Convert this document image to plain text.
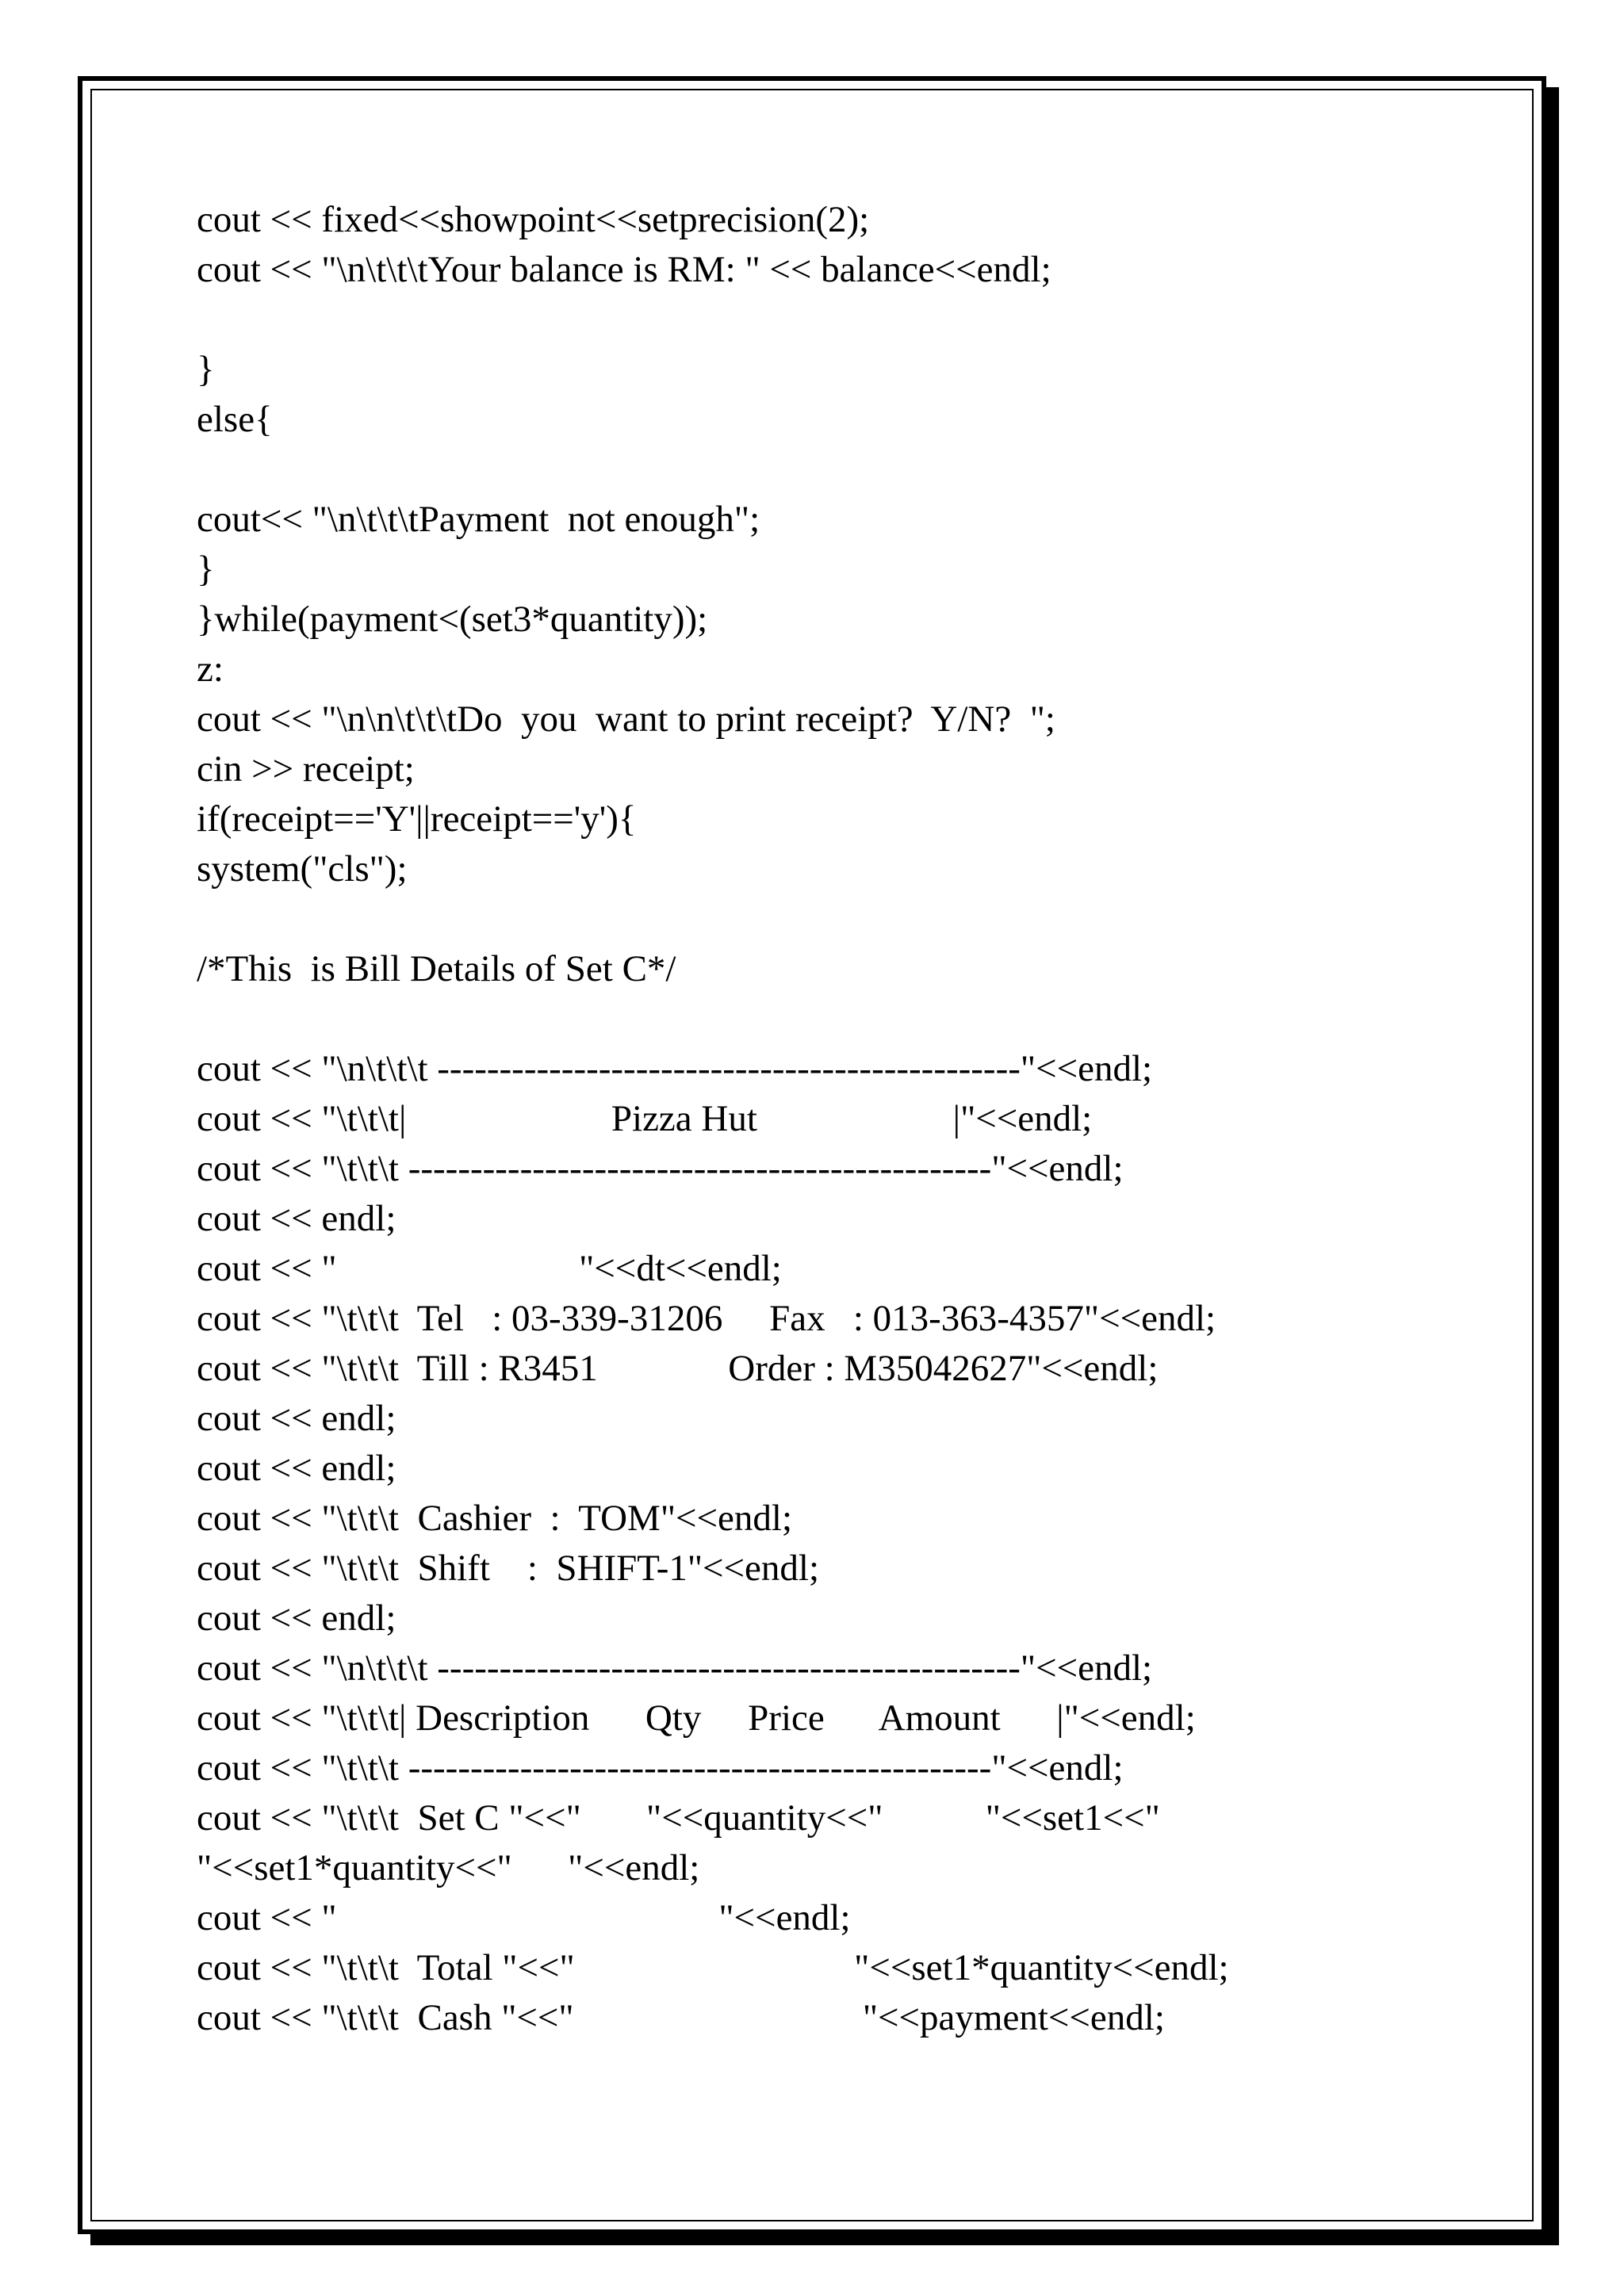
cout << fixed<<showpoint<<setprecision(2);

cout << "\n\t\t\tYour balance is RM: " << balance<<endl;

}

else{

cout<< "\n\t\t\tPayment  not enough";

}

}while(payment<(set3*quantity));

z:

cout << "\n\n\t\t\tDo  you  want to print receipt?  Y/N?  ";

cin >> receipt;

if(receipt=='Y'||receipt=='y'){

system("cls");

/*This  is Bill Details of Set C*/

cout << "\n\t\t\t -----------------------------------------------"<<endl;

cout << "\t\t\t|                      Pizza Hut                     |"<<endl;

cout << "\t\t\t -----------------------------------------------"<<endl;

cout << endl;

cout << "                          "<<dt<<endl;

cout << "\t\t\t  Tel   : 03-339-31206     Fax   : 013-363-4357"<<endl;

cout << "\t\t\t  Till : R3451              Order : M35042627"<<endl;

cout << endl;

cout << endl;

cout << "\t\t\t  Cashier  :  TOM"<<endl;

cout << "\t\t\t  Shift    :  SHIFT-1"<<endl;

cout << endl;

cout << "\n\t\t\t -----------------------------------------------"<<endl;

cout << "\t\t\t| Description      Qty     Price      Amount      |"<<endl;

cout << "\t\t\t -----------------------------------------------"<<endl;

cout << "\t\t\t  Set C "<<"       "<<quantity<<"           "<<set1<<"

"<<set1*quantity<<"      "<<endl;

cout << "                                         "<<endl;

cout << "\t\t\t  Total "<<"                              "<<set1*quantity<<endl;

cout << "\t\t\t  Cash "<<"                               "<<payment<<endl;
